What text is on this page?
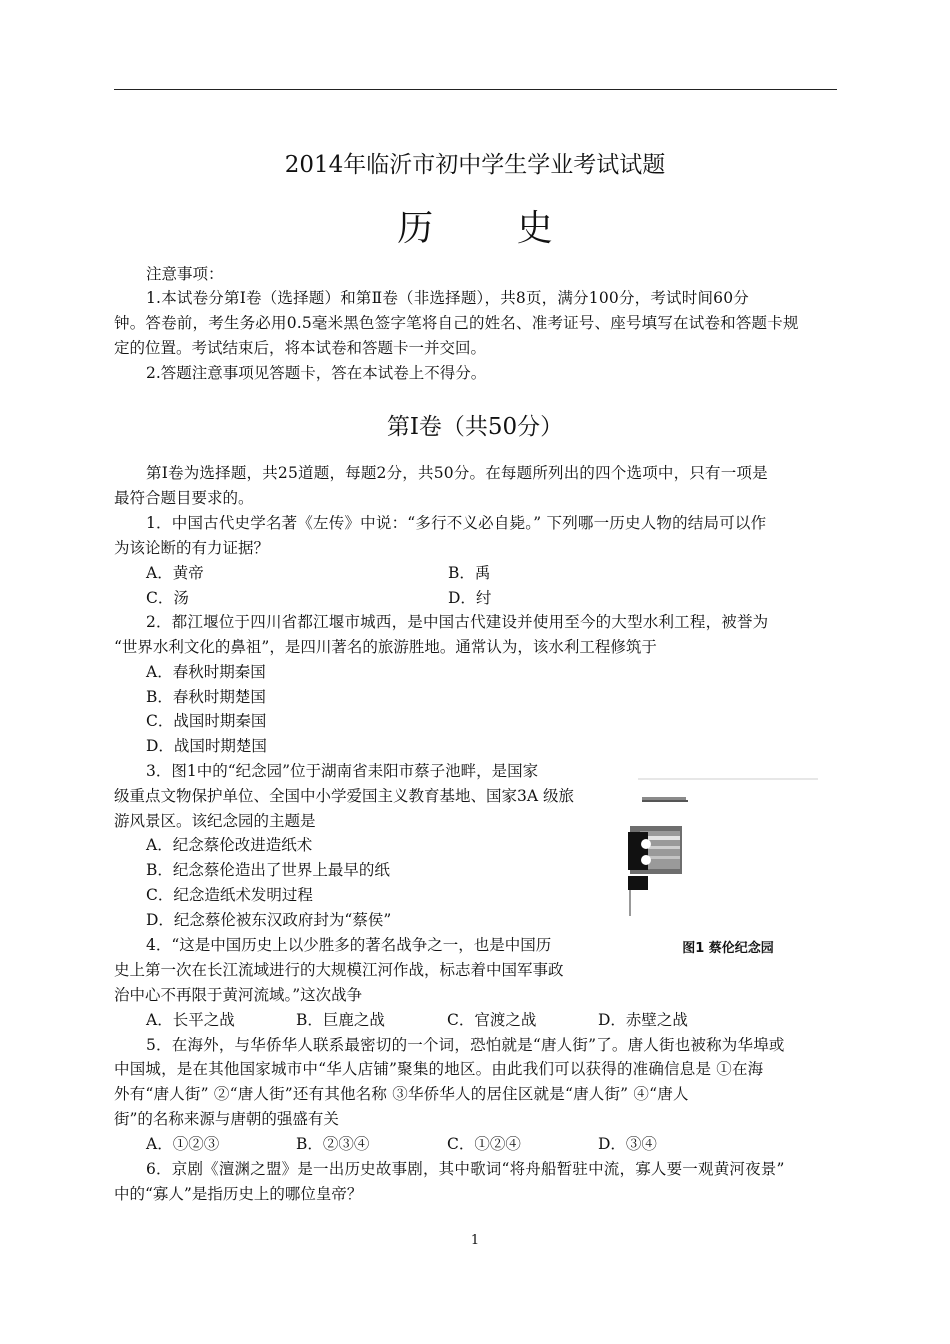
2014年临沂市初中学生学业考试试题
历 史
注意事项：
1.本试卷分第Ⅰ卷（选择题）和第Ⅱ卷（非选择题），共8页，满分100分，考试时间60分
钟。答卷前，考生务必用0.5毫米黑色签字笔将自己的姓名、准考证号、座号填写在试卷和答题卡规
定的位置。考试结束后，将本试卷和答题卡一并交回。
2.答题注意事项见答题卡，答在本试卷上不得分。
第Ⅰ卷（共50分）
第Ⅰ卷为选择题，共25道题，每题2分，共50分。在每题所列出的四个选项中，只有一项是
最符合题目要求的。
1．中国古代史学名著《左传》中说：“多行不义必自毙。” 下列哪一历史人物的结局可以作
为该论断的有力证据？
A．黄帝	B．禹
C．汤	D．纣
2．都江堰位于四川省都江堰市城西，是中国古代建设并使用至今的大型水利工程，被誉为
“世界水利文化的鼻祖”，是四川著名的旅游胜地。通常认为，该水利工程修筑于
A．春秋时期秦国
B．春秋时期楚国
C．战国时期秦国
D．战国时期楚国
3．图1中的“纪念园”位于湖南省耒阳市蔡子池畔，是国家
级重点文物保护单位、全国中小学爱国主义教育基地、国家3A 级旅
游风景区。该纪念园的主题是
A．纪念蔡伦改进造纸术
B．纪念蔡伦造出了世界上最早的纸
C．纪念造纸术发明过程
D．纪念蔡伦被东汉政府封为“蔡侯”
图1 蔡伦纪念园
4．“这是中国历史上以少胜多的著名战争之一，也是中国历
史上第一次在长江流域进行的大规模江河作战，标志着中国军事政
治中心不再限于黄河流域。”这次战争
A．长平之战	B．巨鹿之战	C．官渡之战	D．赤壁之战
5．在海外，与华侨华人联系最密切的一个词，恐怕就是“唐人街”了。唐人街也被称为华埠或
中国城，是在其他国家城市中“华人店铺”聚集的地区。由此我们可以获得的准确信息是 ①在海
外有“唐人街” ②“唐人街”还有其他名称 ③华侨华人的居住区就是“唐人街” ④“唐人
街”的名称来源与唐朝的强盛有关
A．①②③	B．②③④	C．①②④	D．③④
6．京剧《澶渊之盟》是一出历史故事剧，其中歌词“将舟船暂驻中流，寡人要一观黄河夜景”
中的“寡人”是指历史上的哪位皇帝？
1
